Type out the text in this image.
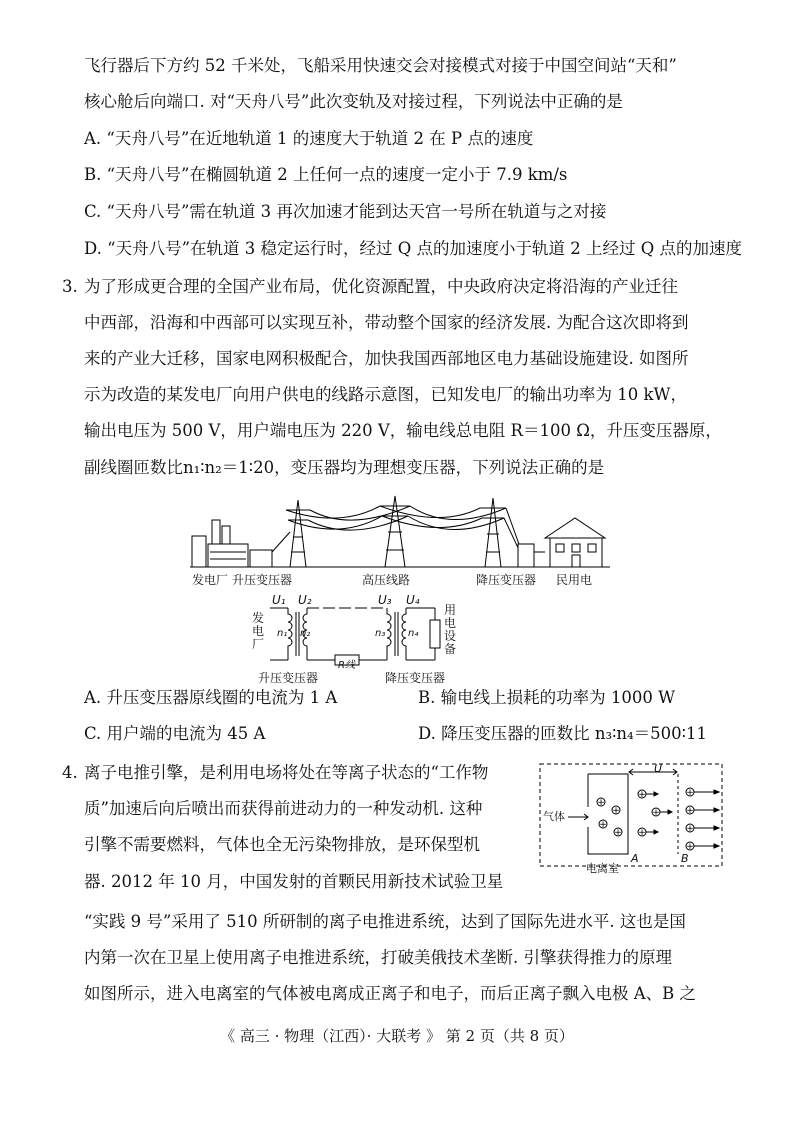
飞行器后下方约 52 千米处，飞船采用快速交会对接模式对接于中国空间站“天和”
核心舱后向端口. 对“天舟八号”此次变轨及对接过程，下列说法中正确的是
A. “天舟八号”在近地轨道 1 的速度大于轨道 2 在 P 点的速度
B. “天舟八号”在椭圆轨道 2 上任何一点的速度一定小于 7.9 km/s
C. “天舟八号”需在轨道 3 再次加速才能到达天宫一号所在轨道与之对接
D. “天舟八号”在轨道 3 稳定运行时，经过 Q 点的加速度小于轨道 2 上经过 Q 点的加速度
3. 为了形成更合理的全国产业布局，优化资源配置，中央政府决定将沿海的产业迁往
中西部，沿海和中西部可以实现互补，带动整个国家的经济发展. 为配合这次即将到
来的产业大迁移，国家电网积极配合，加快我国西部地区电力基础设施建设. 如图所
示为改造的某发电厂向用户供电的线路示意图，已知发电厂的输出功率为 10 kW，
输出电压为 500 V，用户端电压为 220 V，输电线总电阻 R＝100 Ω，升压变压器原，
副线圈匝数比n₁∶n₂＝1∶20，变压器均为理想变压器，下列说法正确的是
发电厂 升压变压器	高压线路	降压变压器 民用电
U₁ U₂	U₃ U₄
n₁ n₂	n₃ n₄
发电厂
用电设备
升压变压器
R线
降压变压器
A. 升压变压器原线圈的电流为 1 A	B. 输电线上损耗的功率为 1000 W
C. 用户端的电流为 45 A	D. 降压变压器的匝数比 n₃∶n₄＝500∶11
4. 离子电推引擎，是利用电场将处在等离子状态的“工作物
质”加速后向后喷出而获得前进动力的一种发动机. 这种
引擎不需要燃料，气体也全无污染物排放，是环保型机
器. 2012 年 10 月，中国发射的首颗民用新技术试验卫星
“实践 9 号”采用了 510 所研制的离子电推进系统，达到了国际先进水平. 这也是国
内第一次在卫星上使用离子电推进系统，打破美俄技术垄断. 引擎获得推力的原理
如图所示，进入电离室的气体被电离成正离子和电子，而后正离子飘入电极 A、B 之
+
+
+
+
+
+
+
+
+
+
+
气体
电离室
U
A	B
《 高三 · 物理（江西）· 大联考 》 第 2 页（共 8 页）
